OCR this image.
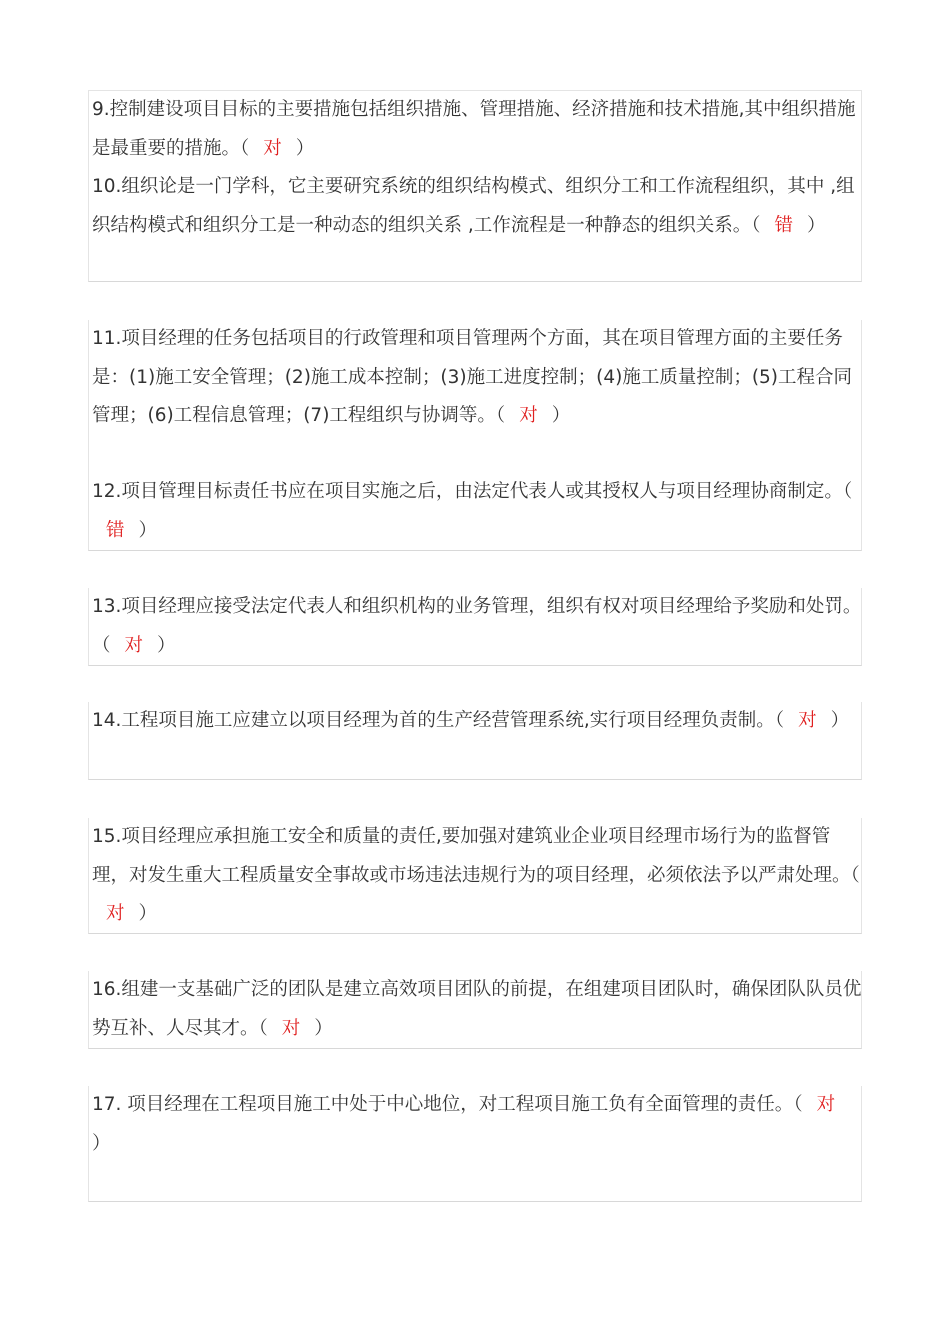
9.控制建设项目目标的主要措施包括组织措施、管理措施、经济措施和技术措施,其中组织措施是最重要的措施。（ 对 ）

10.组织论是一门学科，它主要研究系统的组织结构模式、组织分工和工作流程组织，其中 ,组织结构模式和组织分工是一种动态的组织关系 ,工作流程是一种静态的组织关系。（ 错 ）

11.项目经理的任务包括项目的行政管理和项目管理两个方面，其在项目管理方面的主要任务是：(1)施工安全管理；(2)施工成本控制；(3)施工进度控制；(4)施工质量控制；(5)工程合同管理；(6)工程信息管理；(7)工程组织与协调等。（ 对 ）

12.项目管理目标责任书应在项目实施之后，由法定代表人或其授权人与项目经理协商制定。（错 ）

13.项目经理应接受法定代表人和组织机构的业务管理，组织有权对项目经理给予奖励和处罚。（ 对 ）

14.工程项目施工应建立以项目经理为首的生产经营管理系统,实行项目经理负责制。（ 对 ）

15.项目经理应承担施工安全和质量的责任,要加强对建筑业企业项目经理市场行为的监督管理，对发生重大工程质量安全事故或市场违法违规行为的项目经理，必须依法予以严肃处理。（对 ）

16.组建一支基础广泛的团队是建立高效项目团队的前提，在组建项目团队时，确保团队队员优势互补、人尽其才。（ 对 ）

17. 项目经理在工程项目施工中处于中心地位，对工程项目施工负有全面管理的责任。（ 对）
